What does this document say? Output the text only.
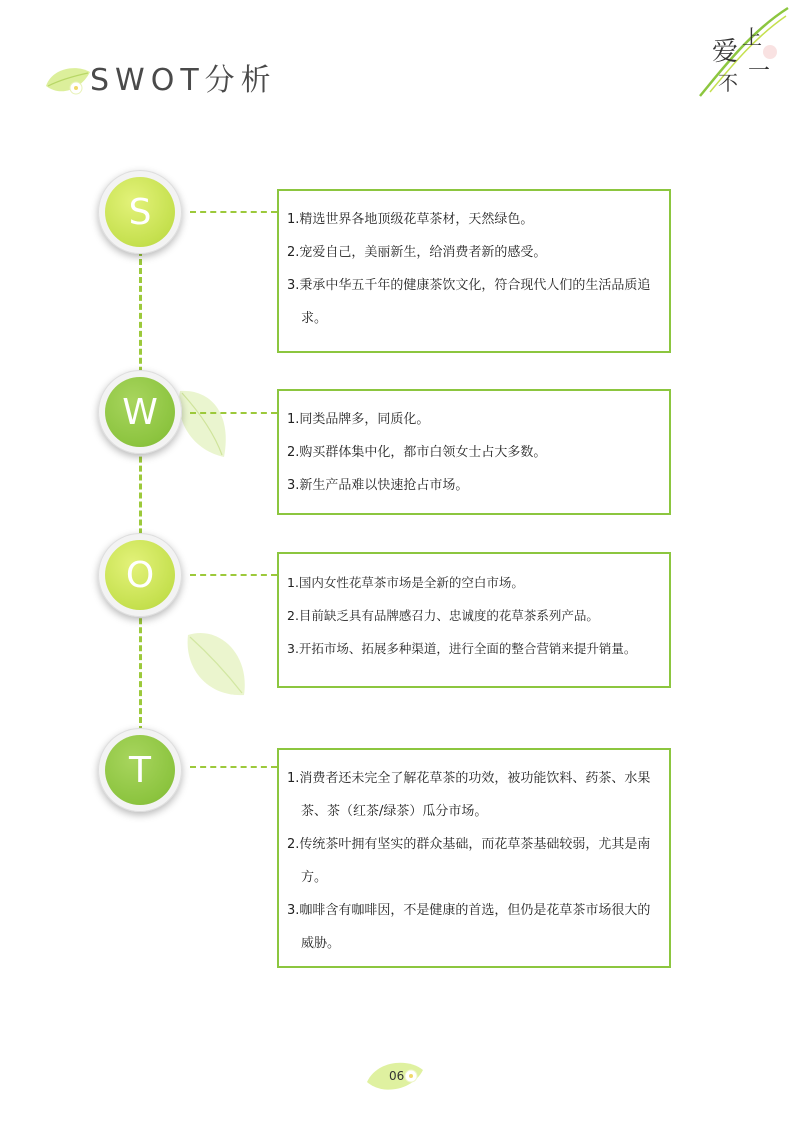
SWOT分析
爱 上
不 一
S	1.精选世界各地顶级花草茶材，天然绿色。
2.宠爱自己，美丽新生，给消费者新的感受。
3.秉承中华五千年的健康茶饮文化，符合现代人们的生活品质追求。
W	1.同类品牌多，同质化。
2.购买群体集中化，都市白领女士占大多数。
3.新生产品难以快速抢占市场。
O	1.国内女性花草茶市场是全新的空白市场。
2.目前缺乏具有品牌感召力、忠诚度的花草茶系列产品。
3.开拓市场、拓展多种渠道，进行全面的整合营销来提升销量。
T	1.消费者还未完全了解花草茶的功效，被功能饮料、药茶、水果茶、茶（红茶/绿茶）瓜分市场。
2.传统茶叶拥有坚实的群众基础，而花草茶基础较弱，尤其是南方。
3.咖啡含有咖啡因，不是健康的首选，但仍是花草茶市场很大的威胁。
06
